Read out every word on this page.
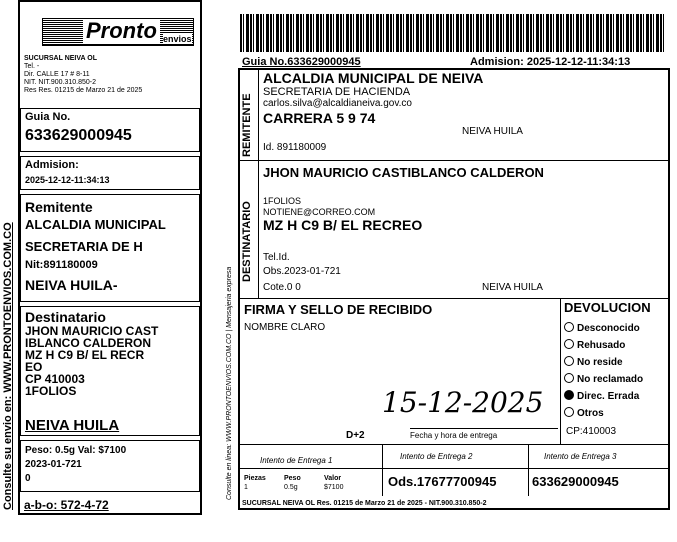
Pronto envios
SUCURSAL NEIVA OL
Tel. -
Dir. CALLE 17 # 8-11
NIT. NIT.900.310.850-2
Res Res. 01215 de Marzo 21 de 2025
Guia No.
633629000945
Admision:
2025-12-12-11:34:13
Remitente
ALCALDIA MUNICIPAL
SECRETARIA DE H
Nit:891180009
NEIVA HUILA-
Destinatario
JHON MAURICIO CAST
IBLANCO CALDERON
MZ H C9 B/ EL RECR
EO
CP 410003
1FOLIOS
NEIVA HUILA
Peso: 0.5g Val: $7100
2023-01-721
0
a-b-o: 572-4-72
Consulte su envio en: WWW.PRONTOENVIOS.COM.CO
Guia No.633629000945	Admision: 2025-12-12-11:34:13
REMITENTE
ALCALDIA MUNICIPAL DE NEIVA
SECRETARIA DE HACIENDA
carlos.silva@alcaldianeiva.gov.co
CARRERA 5 9 74
NEIVA HUILA
Id. 891180009
DESTINATARIO
JHON MAURICIO CASTIBLANCO CALDERON
1FOLIOS
NOTIENE@CORREO.COM
MZ H C9 B/ EL RECREO
Tel.Id.
Obs.2023-01-721
Cote.0 0	NEIVA HUILA
Consulte en linea: WWW.PRONTOENVIOS.COM.CO | Mensajeria expresa FIRMA Y SELLO DE RECIBIDO
NOMBRE CLARO
15-12-2025
D+2	Fecha y hora de entrega
DEVOLUCION
Desconocido
Rehusado
No reside
No reclamado
Direc. Errada
Otros
CP:410003
Intento de Entrega 1	Intento de Entrega 2	Intento de Entrega 3
Piezas	Peso	Valor
1	0.5g	$7100	Ods.17677700945	633629000945
SUCURSAL NEIVA OL Res. 01215 de Marzo 21 de 2025 - NIT.900.310.850-2
